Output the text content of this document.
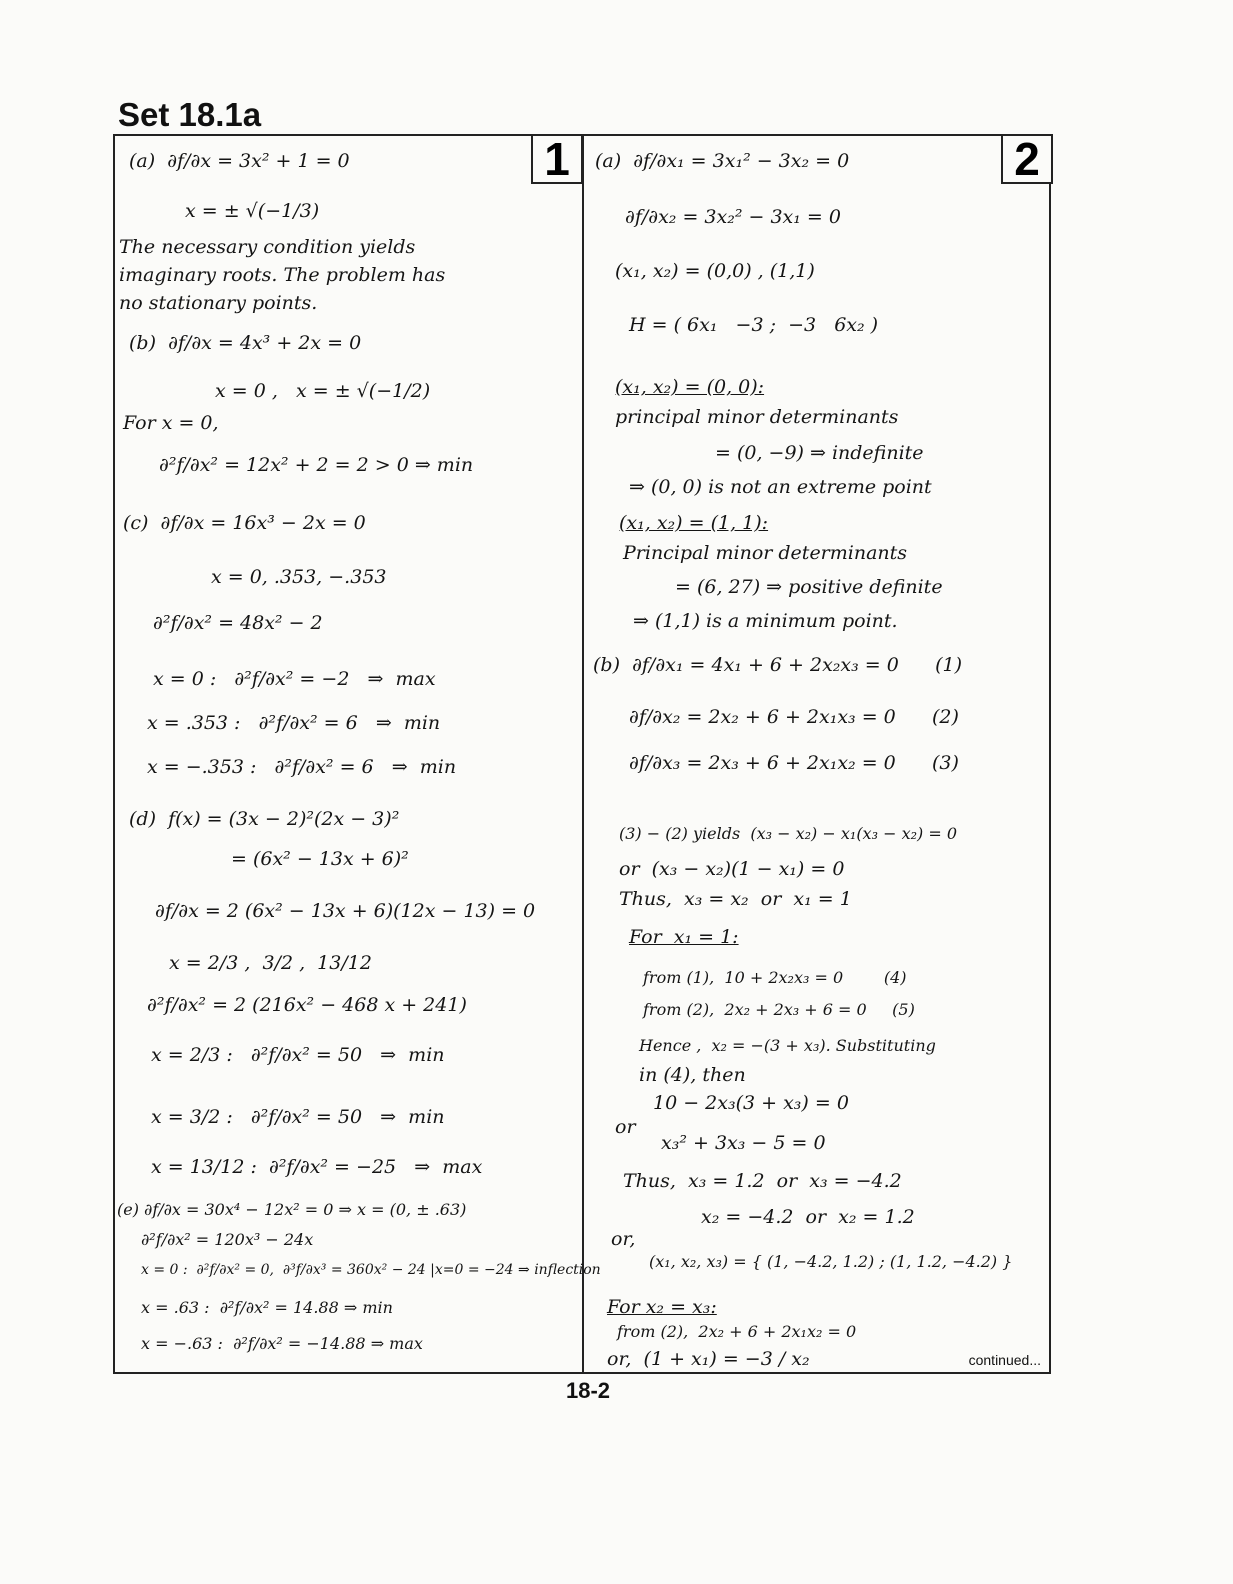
Set 18.1a
1	2
(a)  ∂f/∂x = 3x² + 1 = 0
x = ± √(−1/3)
The necessary condition yields
imaginary roots. The problem has
no stationary points.
(b)  ∂f/∂x = 4x³ + 2x = 0
x = 0 ,   x = ± √(−1/2)
For x = 0,
∂²f/∂x² = 12x² + 2 = 2 > 0 ⇒ min
(c)  ∂f/∂x = 16x³ − 2x = 0
x = 0, .353, −.353
∂²f/∂x² = 48x² − 2
x = 0 :   ∂²f/∂x² = −2   ⇒  max
x = .353 :   ∂²f/∂x² = 6   ⇒  min
x = −.353 :   ∂²f/∂x² = 6   ⇒  min
(d)  f(x) = (3x − 2)²(2x − 3)²
= (6x² − 13x + 6)²
∂f/∂x = 2 (6x² − 13x + 6)(12x − 13) = 0
x = 2/3 ,  3/2 ,  13/12
∂²f/∂x² = 2 (216x² − 468 x + 241)
x = 2/3 :   ∂²f/∂x² = 50   ⇒  min
x = 3/2 :   ∂²f/∂x² = 50   ⇒  min
x = 13/12 :  ∂²f/∂x² = −25   ⇒  max
(e) ∂f/∂x = 30x⁴ − 12x² = 0 ⇒ x = (0, ± .63)
∂²f/∂x² = 120x³ − 24x
x = 0 :  ∂²f/∂x² = 0,  ∂³f/∂x³ = 360x² − 24 |x=0 = −24 ⇒ inflection
x = .63 :  ∂²f/∂x² = 14.88 ⇒ min
x = −.63 :  ∂²f/∂x² = −14.88 ⇒ max
(a)  ∂f/∂x₁ = 3x₁² − 3x₂ = 0
∂f/∂x₂ = 3x₂² − 3x₁ = 0
(x₁, x₂) = (0,0) , (1,1)
H = ( 6x₁   −3 ;  −3   6x₂ )
(x₁, x₂) = (0, 0):
principal minor determinants
= (0, −9) ⇒ indefinite
⇒ (0, 0) is not an extreme point
(x₁, x₂) = (1, 1):
Principal minor determinants
= (6, 27) ⇒ positive definite
⇒ (1,1) is a minimum point.
(b)  ∂f/∂x₁ = 4x₁ + 6 + 2x₂x₃ = 0      (1)
∂f/∂x₂ = 2x₂ + 6 + 2x₁x₃ = 0      (2)
∂f/∂x₃ = 2x₃ + 6 + 2x₁x₂ = 0      (3)
(3) − (2) yields  (x₃ − x₂) − x₁(x₃ − x₂) = 0
or  (x₃ − x₂)(1 − x₁) = 0
Thus,  x₃ = x₂  or  x₁ = 1
For  x₁ = 1:
from (1),  10 + 2x₂x₃ = 0        (4)
from (2),  2x₂ + 2x₃ + 6 = 0     (5)
Hence ,  x₂ = −(3 + x₃). Substituting
in (4), then
10 − 2x₃(3 + x₃) = 0
or
x₃² + 3x₃ − 5 = 0
Thus,  x₃ = 1.2  or  x₃ = −4.2
x₂ = −4.2  or  x₂ = 1.2
or,
(x₁, x₂, x₃) = { (1, −4.2, 1.2) ; (1, 1.2, −4.2) }
For x₂ = x₃:
from (2),  2x₂ + 6 + 2x₁x₂ = 0
or,  (1 + x₁) = −3 / x₂	continued...
18-2
